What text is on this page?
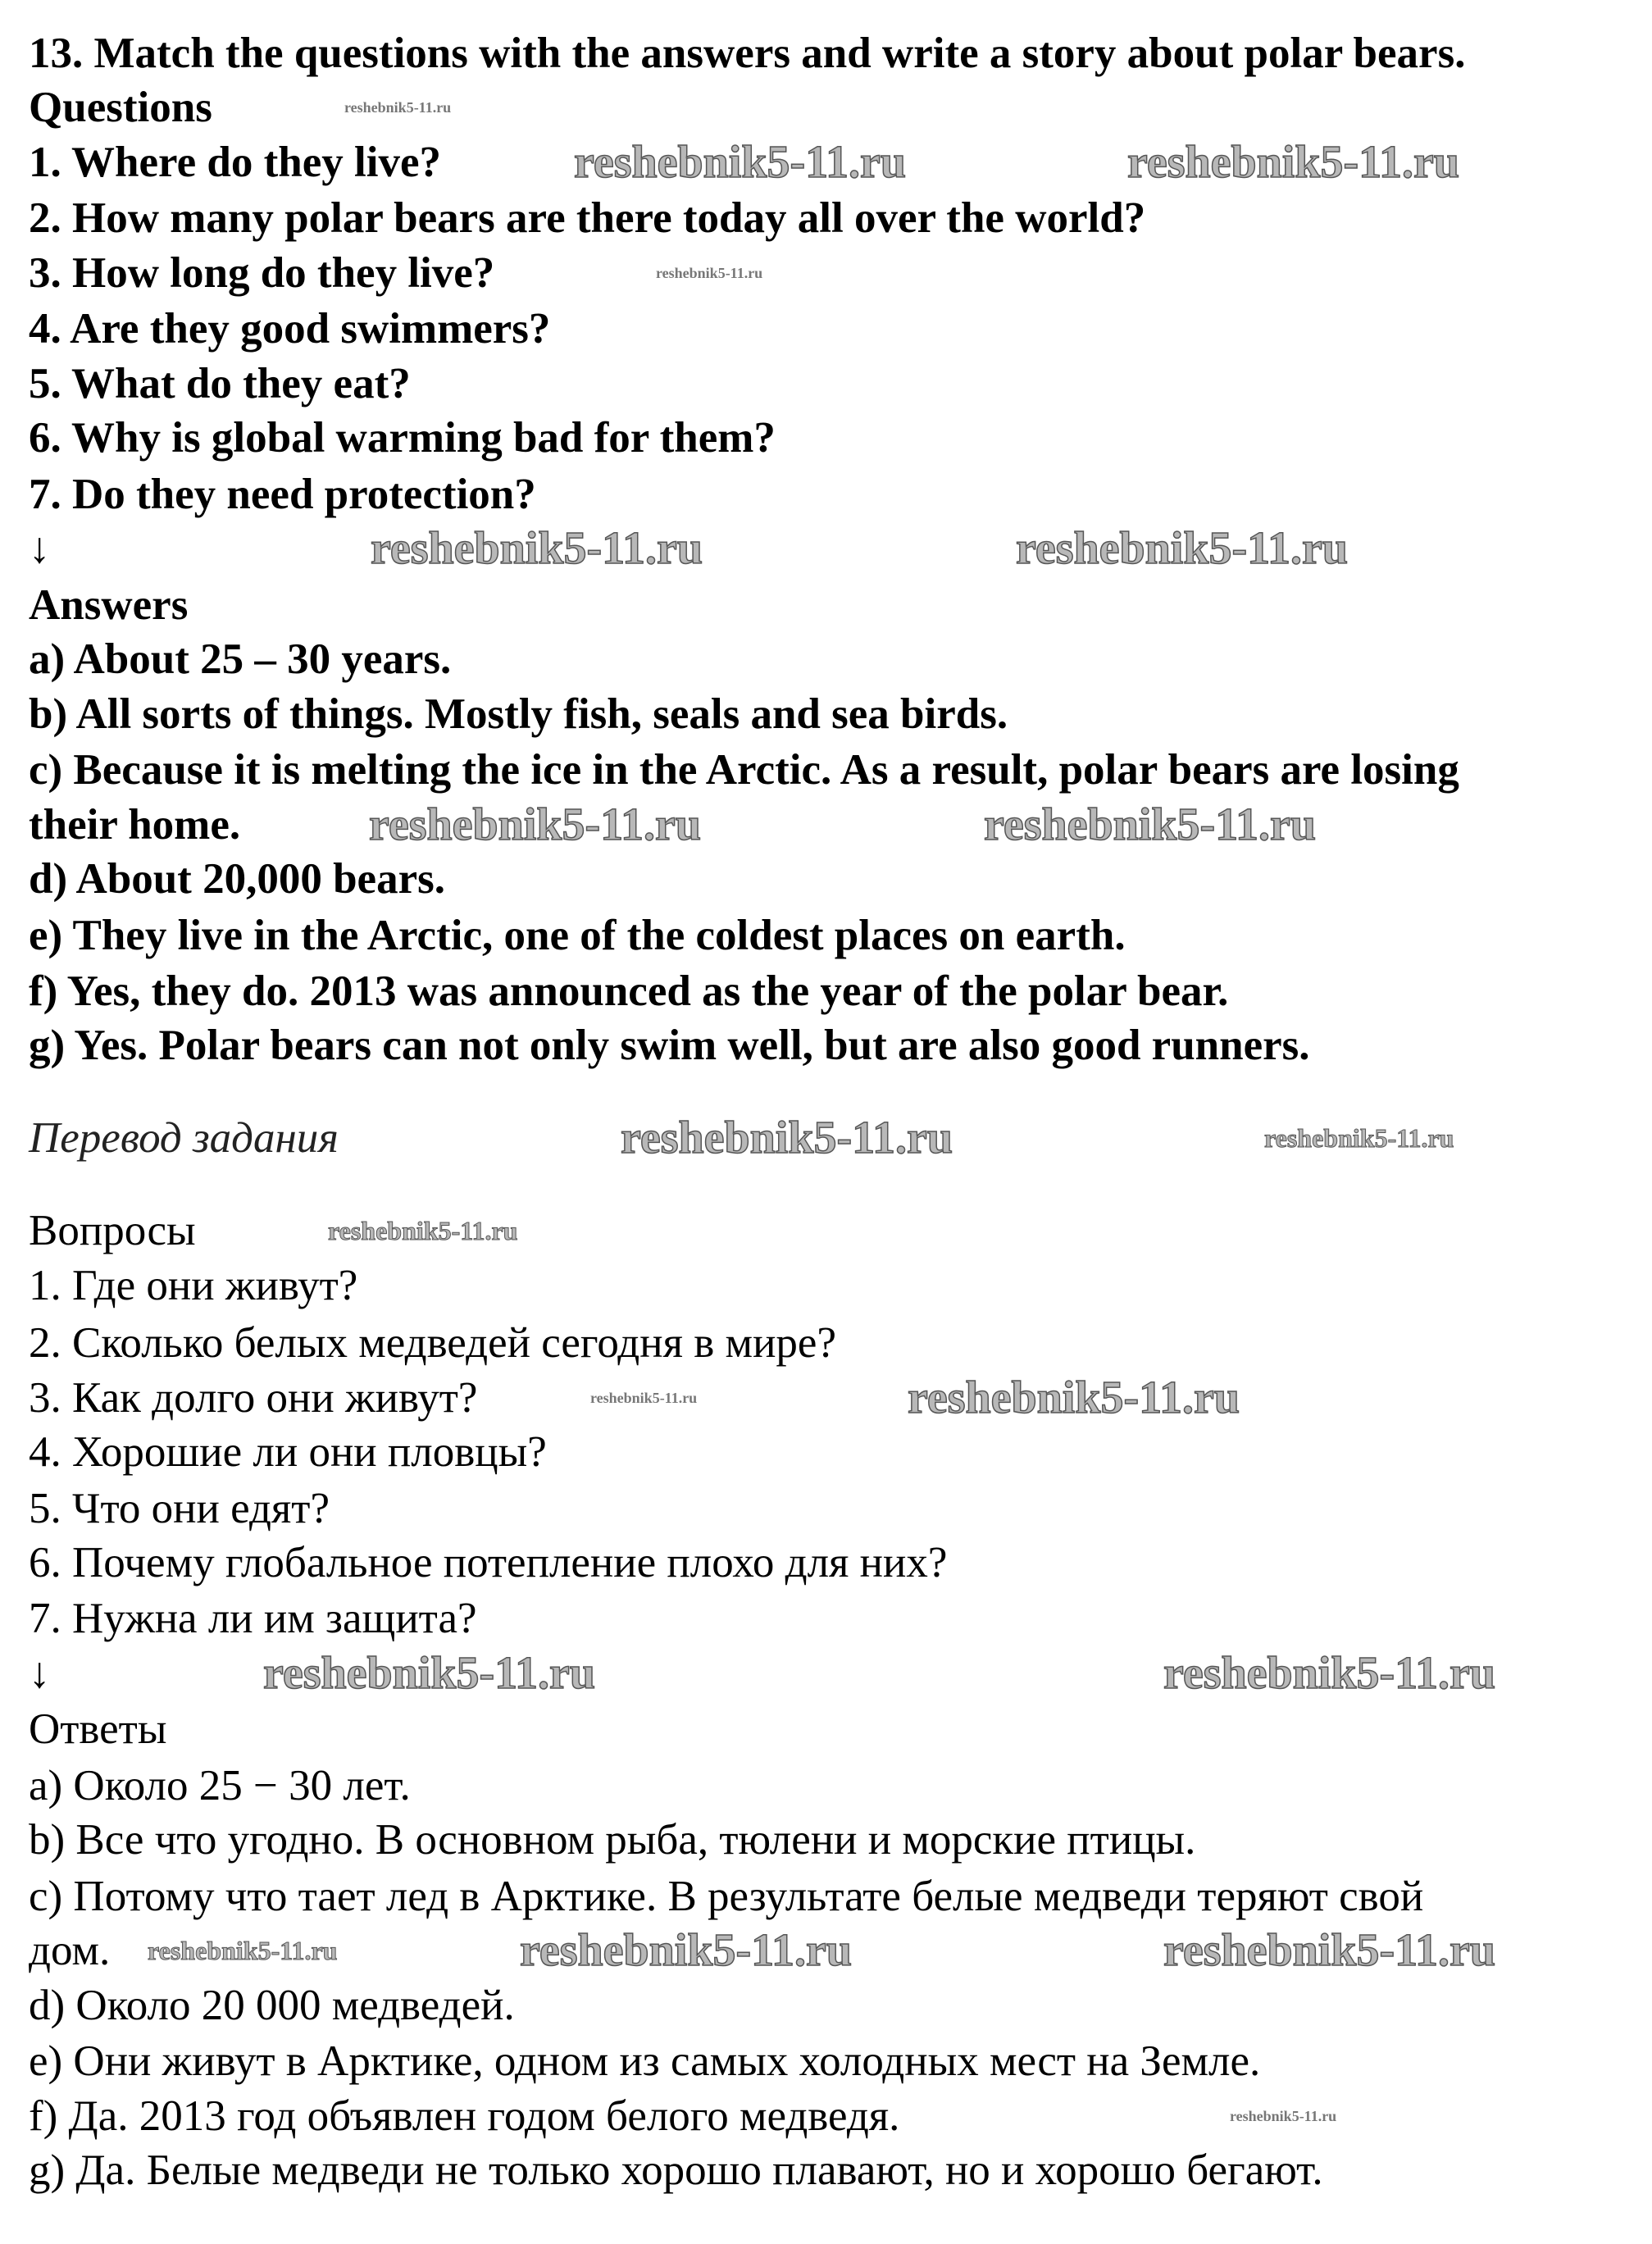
13. Match the questions with the answers and write a story about polar bears.
Questions
1. Where do they live?
2. How many polar bears are there today all over the world?
3. How long do they live?
4. Are they good swimmers?
5. What do they eat?
6. Why is global warming bad for them?
7. Do they need protection?
↓
Answers
a) About 25 – 30 years.
b) All sorts of things. Mostly fish, seals and sea birds.
c) Because it is melting the ice in the Arctic. As a result, polar bears are losing
their home.
d) About 20,000 bears.
e) They live in the Arctic, one of the coldest places on earth.
f) Yes, they do. 2013 was announced as the year of the polar bear.
g) Yes. Polar bears can not only swim well, but are also good runners.
Перевод задания
Вопросы
1. Где они живут?
2. Сколько белых медведей сегодня в мире?
3. Как долго они живут?
4. Хорошие ли они пловцы?
5. Что они едят?
6. Почему глобальное потепление плохо для них?
7. Нужна ли им защита?
↓
Ответы
a) Около 25 − 30 лет.
b) Все что угодно. В основном рыба, тюлени и морские птицы.
c) Потому что тает лед в Арктике. В результате белые медведи теряют свой
дом.
d) Около 20 000 медведей.
e) Они живут в Арктике, одном из самых холодных мест на Земле.
f) Да. 2013 год объявлен годом белого медведя.
g) Да. Белые медведи не только хорошо плавают, но и хорошо бегают.
reshebnik5-11.ru	reshebnik5-11.ru
reshebnik5-11.ru
reshebnik5-11.ru
reshebnik5-11.ru	reshebnik5-11.ru
reshebnik5-11.ru	reshebnik5-11.ru
reshebnik5-11.ru	reshebnik5-11.ru
reshebnik5-11.ru
reshebnik5-11.ru	reshebnik5-11.ru
reshebnik5-11.ru	reshebnik5-11.ru
reshebnik5-11.ru	reshebnik5-11.ru	reshebnik5-11.ru
reshebnik5-11.ru
